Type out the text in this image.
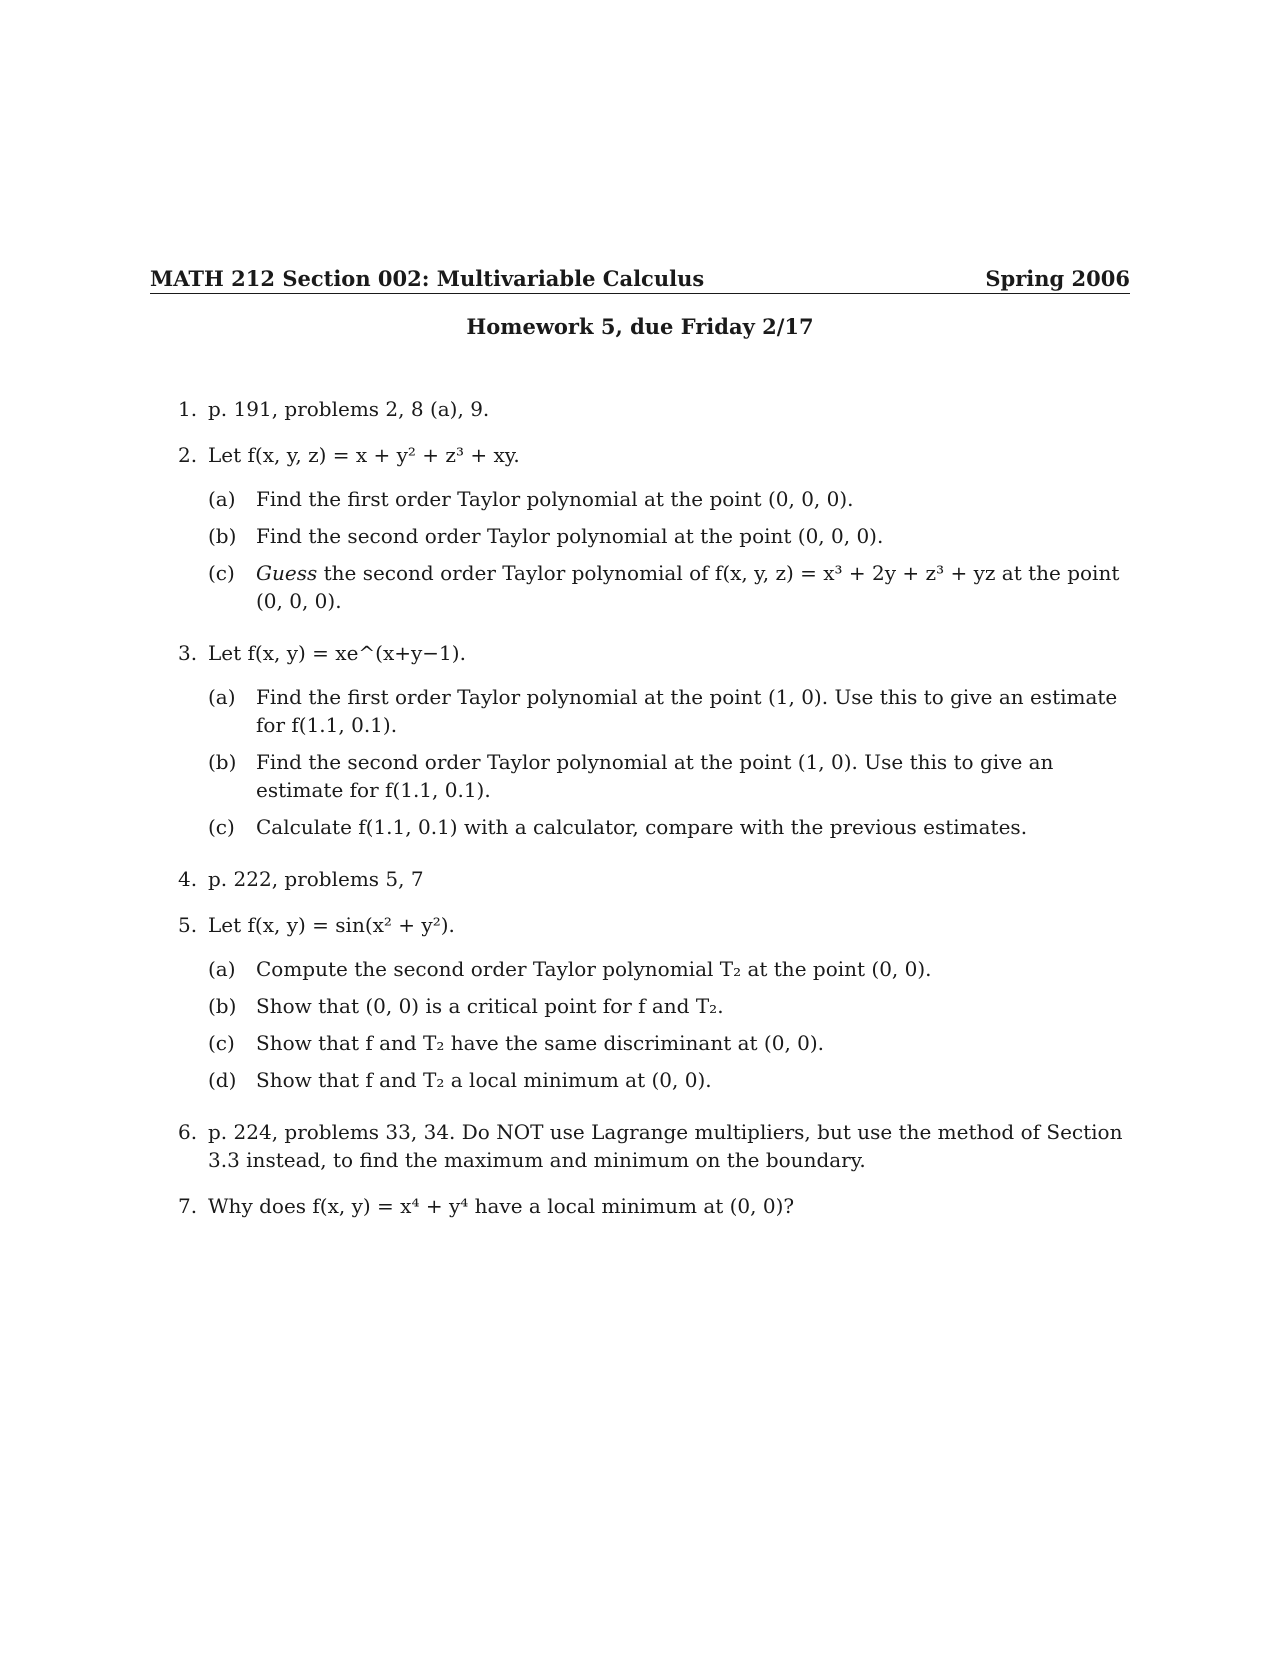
MATH 212 Section 002: Multivariable Calculus	Spring 2006
Homework 5, due Friday 2/17
1. p. 191, problems 2, 8 (a), 9.
2. Let f(x, y, z) = x + y² + z³ + xy.
(a) Find the first order Taylor polynomial at the point (0, 0, 0).
(b) Find the second order Taylor polynomial at the point (0, 0, 0).
(c) Guess the second order Taylor polynomial of f(x, y, z) = x³ + 2y + z³ + yz at the point (0, 0, 0).
3. Let f(x, y) = xe^(x+y−1).
(a) Find the first order Taylor polynomial at the point (1, 0). Use this to give an estimate for f(1.1, 0.1).
(b) Find the second order Taylor polynomial at the point (1, 0). Use this to give an estimate for f(1.1, 0.1).
(c) Calculate f(1.1, 0.1) with a calculator, compare with the previous estimates.
4. p. 222, problems 5, 7
5. Let f(x, y) = sin(x² + y²).
(a) Compute the second order Taylor polynomial T₂ at the point (0, 0).
(b) Show that (0, 0) is a critical point for f and T₂.
(c) Show that f and T₂ have the same discriminant at (0, 0).
(d) Show that f and T₂ a local minimum at (0, 0).
6. p. 224, problems 33, 34. Do NOT use Lagrange multipliers, but use the method of Section 3.3 instead, to find the maximum and minimum on the boundary.
7. Why does f(x, y) = x⁴ + y⁴ have a local minimum at (0, 0)?
